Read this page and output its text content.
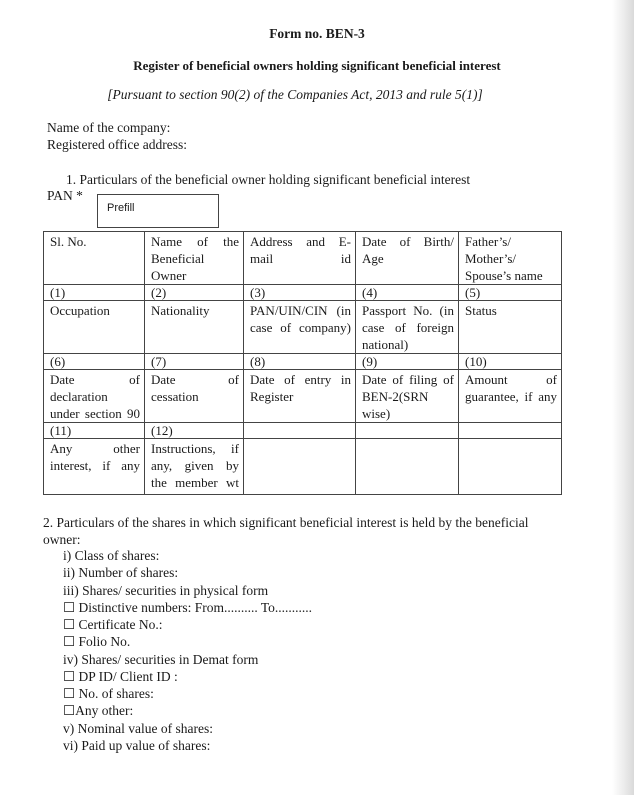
Form no. BEN-3
Register of beneficial owners holding significant beneficial interest
[Pursuant to section 90(2) of the Companies Act, 2013 and rule 5(1)]
Name of the company:
Registered office address:
1. Particulars of the beneficial owner holding significant beneficial interest
PAN *
Prefill
Sl. No.	Name of the Beneficial Owner	Address and E-mail id	Date of Birth/ Age	Father’s/ Mother’s/ Spouse’s name
(1)	(2)	(3)	(4)	(5)
Occupation	Nationality	PAN/UIN/CIN (in case of company)	Passport No. (in case of foreign national)	Status
(6)	(7)	(8)	(9)	(10)
Date of declaration under section 90	Date of cessation	Date of entry in Register	Date of filing of BEN-2(SRN wise)	Amount of guarantee, if any
(11)	(12)			
Any other interest, if any	Instructions, if any, given by the member wt			
2. Particulars of the shares in which significant beneficial interest is held by the beneficial
owner:
i) Class of shares:
ii) Number of shares:
iii) Shares/ securities in physical form
☐ Distinctive numbers: From.......... To...........
☐ Certificate No.:
☐ Folio No.
iv) Shares/ securities in Demat form
☐ DP ID/ Client ID :
☐ No. of shares:
☐Any other:
v) Nominal value of shares:
vi) Paid up value of shares:
